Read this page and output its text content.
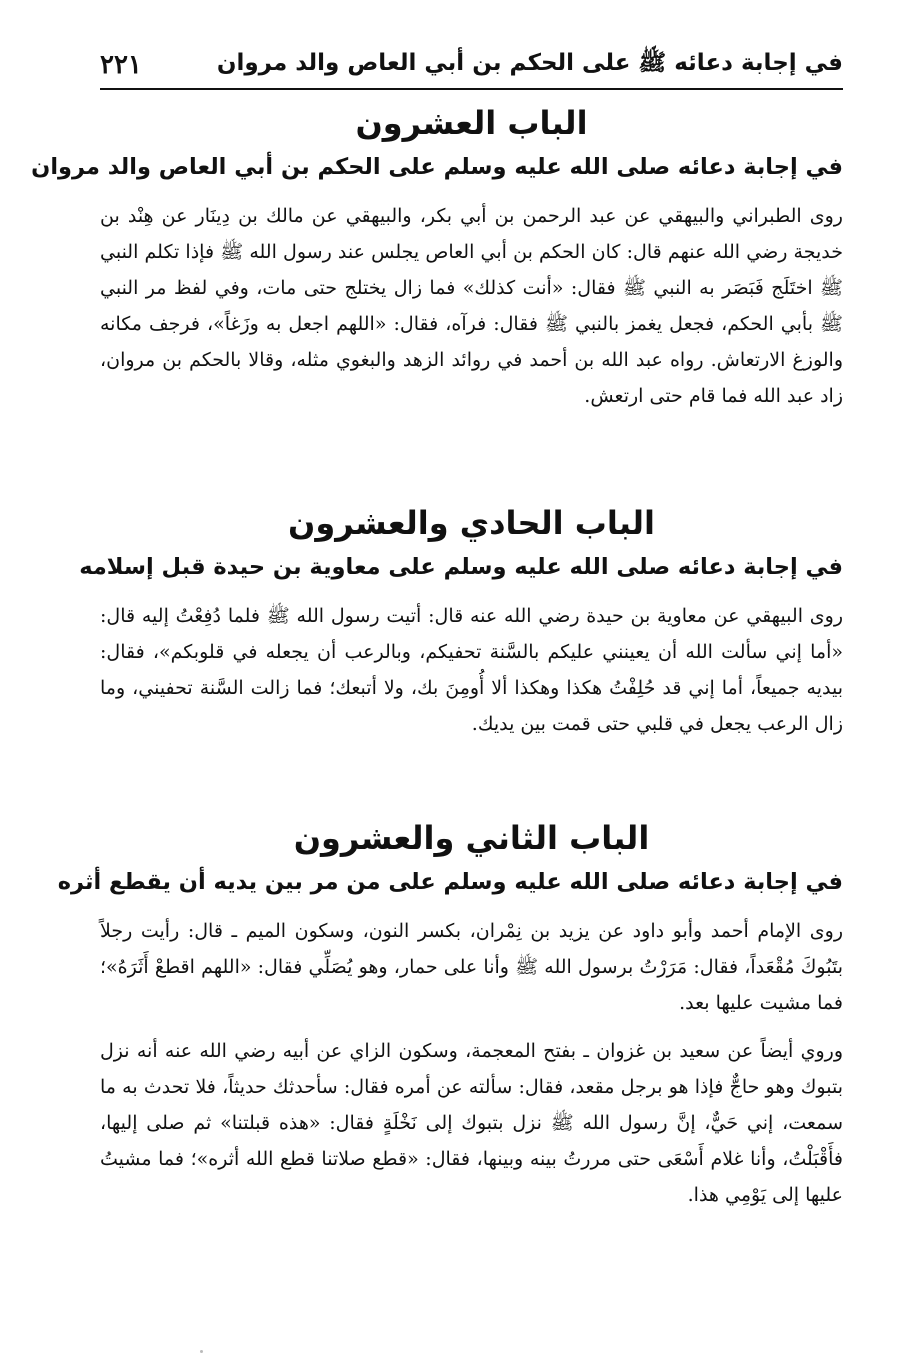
٢٢١	في إجابة دعائه ﷺ على الحكم بن أبي العاص والد مروان
الباب العشرون
في إجابة دعائه صلى الله عليه وسلم على الحكم بن أبي العاص والد مروان

روى الطبراني والبيهقي عن عبد الرحمن بن أبي بكر، والبيهقي عن مالك بن دِينَار عن هِنْد بن خديجة رضي الله عنهم قال: كان الحكم بن أبي العاص يجلس عند رسول الله ﷺ فإذا تكلم النبي ﷺ اختَلَج فَبَصَر به النبي ﷺ فقال: «أنت كذلك» فما زال يختلج حتى مات، وفي لفظ مر النبي ﷺ بأبي الحكم، فجعل يغمز بالنبي ﷺ فقال: فرآه، فقال: «اللهم اجعل به وزَغاً»، فرجف مكانه والوزغ الارتعاش. رواه عبد الله بن أحمد في روائد الزهد والبغوي مثله، وقالا بالحكم بن مروان، زاد عبد الله فما قام حتى ارتعش.

الباب الحادي والعشرون
في إجابة دعائه صلى الله عليه وسلم على معاوية بن حيدة قبل إسلامه

روى البيهقي عن معاوية بن حيدة رضي الله عنه قال: أتيت رسول الله ﷺ فلما دُفِعْتُ إليه قال: «أما إني سألت الله أن يعينني عليكم بالسَّنة تحفيكم، وبالرعب أن يجعله في قلوبكم»، فقال: بيديه جميعاً، أما إني قد حُلِفْتُ هكذا وهكذا ألا أُومِنَ بك، ولا أتبعك؛ فما زالت السَّنة تحفيني، وما زال الرعب يجعل في قلبي حتى قمت بين يديك.

الباب الثاني والعشرون
في إجابة دعائه صلى الله عليه وسلم على من مر بين يديه أن يقطع أثره

روى الإمام أحمد وأبو داود عن يزيد بن نِمْران، بكسر النون، وسكون الميم ـ قال: رأيت رجلاً بتَبُوكَ مُقْعَداً، فقال: مَرَرْتُ برسول الله ﷺ وأنا على حمار، وهو يُصَلِّي فقال: «اللهم اقطعْ أَثَرَهُ»؛ فما مشيت عليها بعد.

وروي أيضاً عن سعيد بن غزوان ـ بفتح المعجمة، وسكون الزاي عن أبيه رضي الله عنه أنه نزل بتبوك وهو حاجٌّ فإذا هو برجل مقعد، فقال: سألته عن أمره فقال: سأحدثك حديثاً، فلا تحدث به ما سمعت، إني حَيٌّ، إنَّ رسول الله ﷺ نزل بتبوك إلى نَخْلَةٍ فقال: «هذه قبلتنا» ثم صلى إليها، فأَقْبَلْتُ، وأنا غلام أَسْعَى حتى مررتُ بينه وبينها، فقال: «قطع صلاتنا قطع الله أثره»؛ فما مشيتُ عليها إلى يَوْمِي هذا.
